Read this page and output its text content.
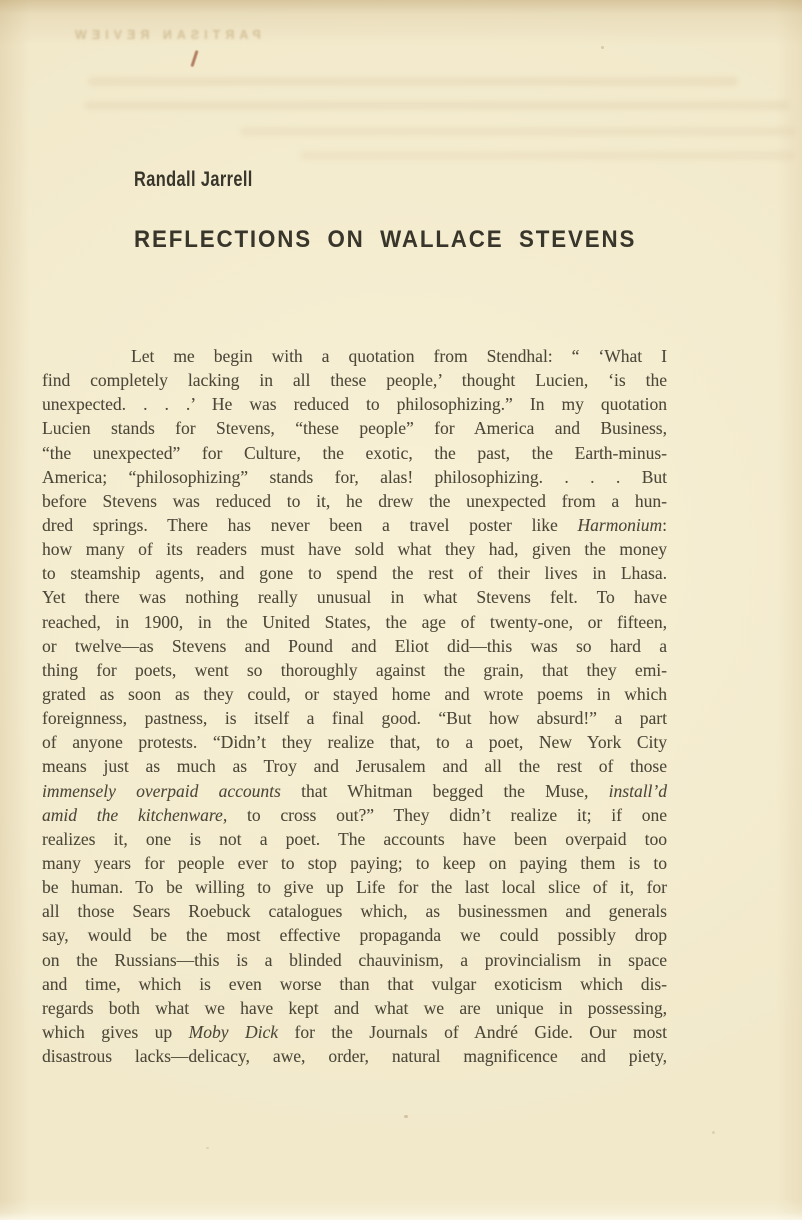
PARTISAN REVIEW
Randall Jarrell
REFLECTIONS ON WALLACE STEVENS
Let me begin with a quotation from Stendhal: “ ‘What I
find completely lacking in all these people,’ thought Lucien, ‘is the
unexpected. . . .’ He was reduced to philosophizing.” In my quotation
Lucien stands for Stevens, “these people” for America and Business,
“the unexpected” for Culture, the exotic, the past, the Earth-minus-
America; “philosophizing” stands for, alas! philosophizing. . . . But
before Stevens was reduced to it, he drew the unexpected from a hun-
dred springs. There has never been a travel poster like Harmonium:
how many of its readers must have sold what they had, given the money
to steamship agents, and gone to spend the rest of their lives in Lhasa.
Yet there was nothing really unusual in what Stevens felt. To have
reached, in 1900, in the United States, the age of twenty-one, or fifteen,
or twelve—as Stevens and Pound and Eliot did—this was so hard a
thing for poets, went so thoroughly against the grain, that they emi-
grated as soon as they could, or stayed home and wrote poems in which
foreignness, pastness, is itself a final good. “But how absurd!” a part
of anyone protests. “Didn’t they realize that, to a poet, New York City
means just as much as Troy and Jerusalem and all the rest of those
immensely overpaid accounts that Whitman begged the Muse, install’d
amid the kitchenware, to cross out?” They didn’t realize it; if one
realizes it, one is not a poet. The accounts have been overpaid too
many years for people ever to stop paying; to keep on paying them is to
be human. To be willing to give up Life for the last local slice of it, for
all those Sears Roebuck catalogues which, as businessmen and generals
say, would be the most effective propaganda we could possibly drop
on the Russians—this is a blinded chauvinism, a provincialism in space
and time, which is even worse than that vulgar exoticism which dis-
regards both what we have kept and what we are unique in possessing,
which gives up Moby Dick for the Journals of André Gide. Our most
disastrous lacks—delicacy, awe, order, natural magnificence and piety,
